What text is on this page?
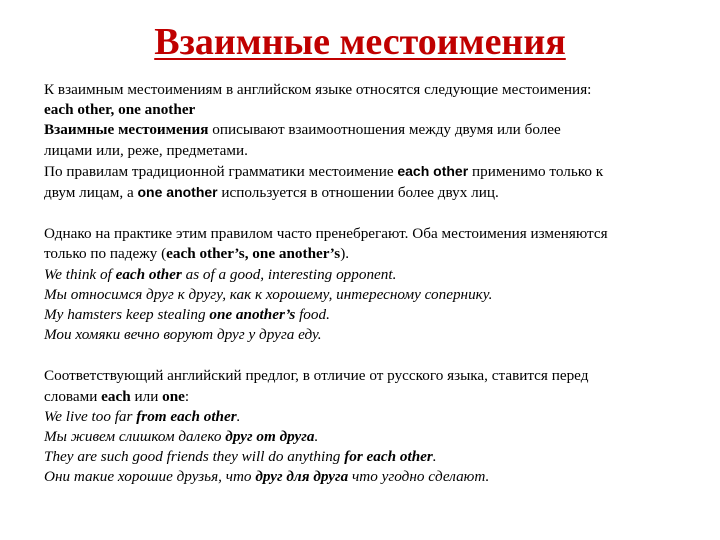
Взаимные местоимения
К взаимным местоимениям в английском языке относятся следующие местоимения:
each other, one another
Взаимные местоимения описывают взаимоотношения между двумя или более
лицами или, реже, предметами.
По правилам традиционной грамматики местоимение each other применимо только к
двум лицам, а one another используется в отношении более двух лиц.
Однако на практике этим правилом часто пренебрегают. Оба местоимения изменяются
только по падежу (each other’s, one another’s).
We think of each other as of a good, interesting opponent.
Мы относимся друг к другу, как к хорошему, интересному сопернику.
My hamsters keep stealing one another’s food.
Мои хомяки вечно воруют друг у друга еду.
Соответствующий английский предлог, в отличие от русского языка, ставится перед
словами each или one:
We live too far from each other.
Мы живем слишком далеко друг от друга.
They are such good friends they will do anything for each other.
Они такие хорошие друзья, что друг для друга что угодно сделают.
